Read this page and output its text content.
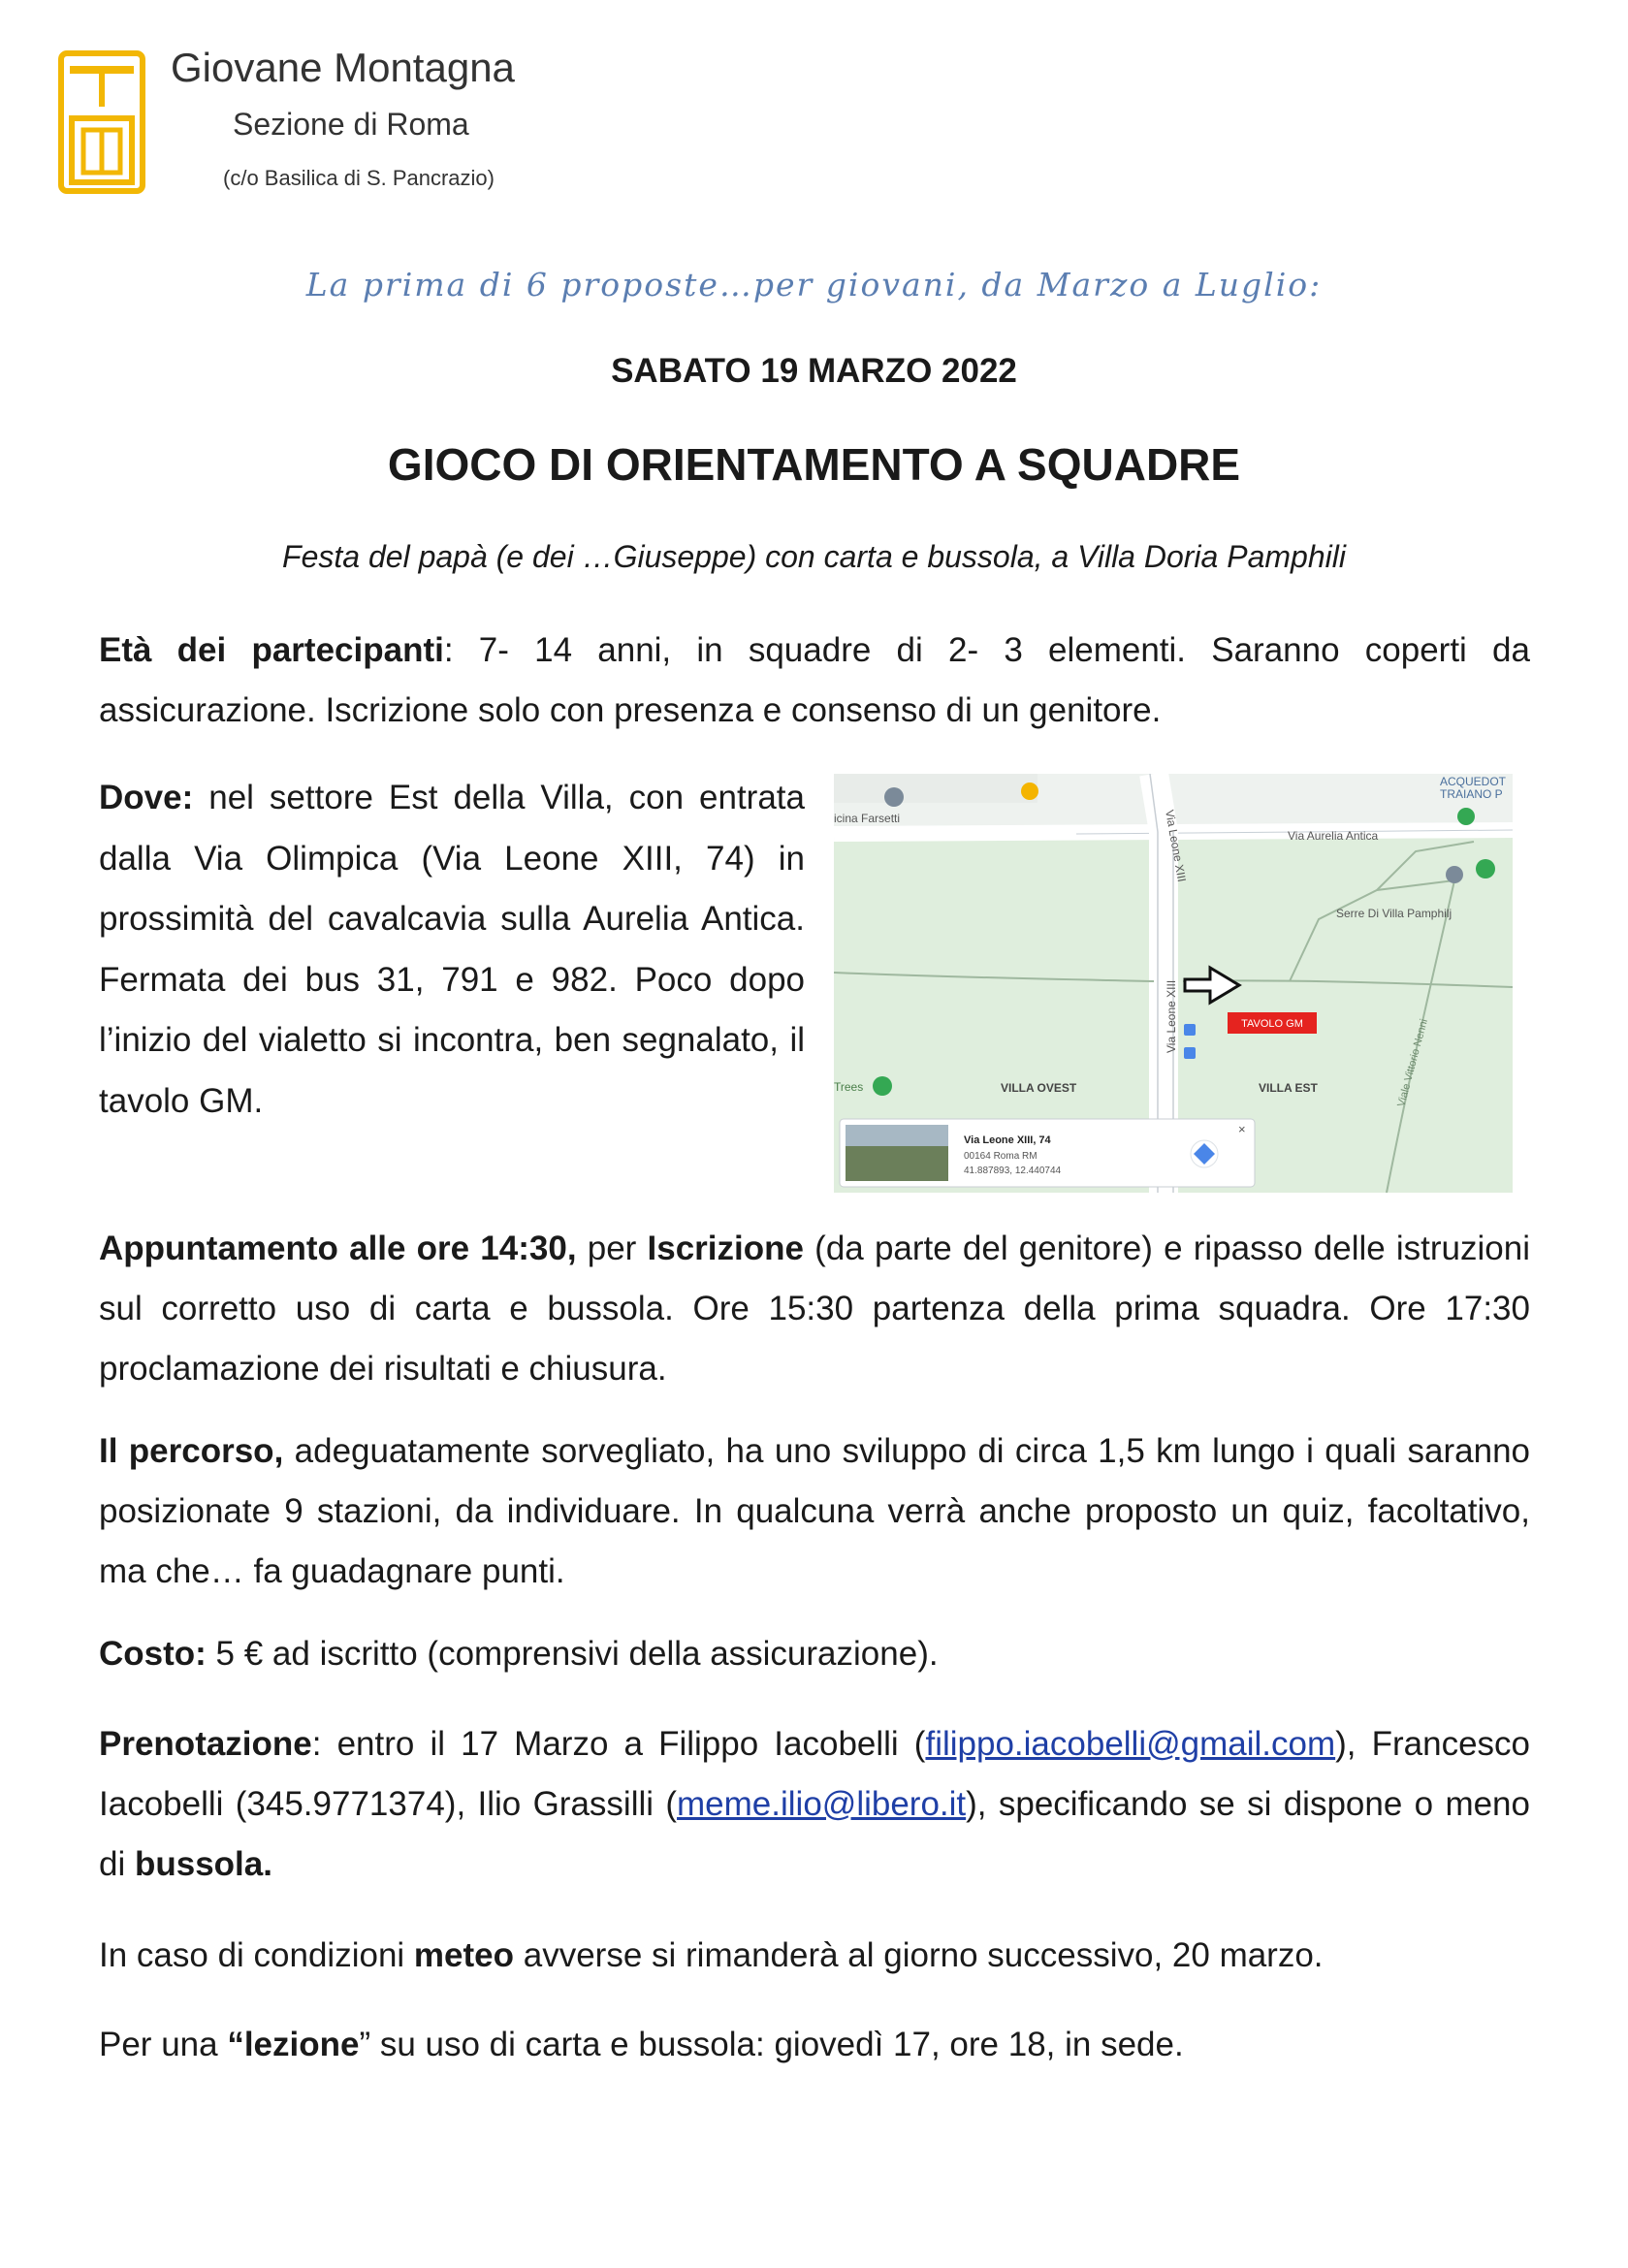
Giovane Montagna
Sezione di Roma
(c/o Basilica di S. Pancrazio)
La prima di 6 proposte…per giovani, da Marzo a Luglio:
SABATO 19 MARZO 2022
GIOCO DI ORIENTAMENTO A SQUADRE
Festa del papà (e dei …Giuseppe) con carta e bussola, a Villa Doria Pamphili
Età dei partecipanti: 7- 14 anni, in squadre di 2- 3 elementi. Saranno coperti da assicurazione. Iscrizione solo con presenza e consenso di un genitore.
Dove: nel settore Est della Villa, con entrata dalla Via Olimpica (Via Leone XIII, 74) in prossimità del cavalcavia sulla Aurelia Antica. Fermata dei bus 31, 791 e 982. Poco dopo l’inizio del vialetto si incontra, ben segnalato, il tavolo GM.
ACQUEDOT
TRAIANO P
icina Farsetti
Via Aurelia Antica
Serre Di Villa Pamphilj
Via Leone XIII
Via Leone XIII
Viale Vittorio Nenni
Trees	VILLA OVEST	VILLA EST
TAVOLO GM
Via Leone XIII, 74
00164 Roma RM
41.887893, 12.440744
×
Appuntamento alle ore 14:30, per Iscrizione (da parte del genitore) e ripasso delle istruzioni sul corretto uso di carta e bussola. Ore 15:30 partenza della prima squadra. Ore 17:30 proclamazione dei risultati e chiusura.
Il percorso, adeguatamente sorvegliato, ha uno sviluppo di circa 1,5 km lungo i quali saranno posizionate 9 stazioni, da individuare. In qualcuna verrà anche proposto un quiz, facoltativo, ma che… fa guadagnare punti.
Costo: 5 € ad iscritto (comprensivi della assicurazione).
Prenotazione: entro il 17 Marzo a Filippo Iacobelli (filippo.iacobelli@gmail.com), Francesco Iacobelli (345.9771374), Ilio Grassilli (meme.ilio@libero.it), specificando se si dispone o meno di bussola.
In caso di condizioni meteo avverse si rimanderà al giorno successivo, 20 marzo.
Per una “lezione” su uso di carta e bussola: giovedì 17, ore 18, in sede.
